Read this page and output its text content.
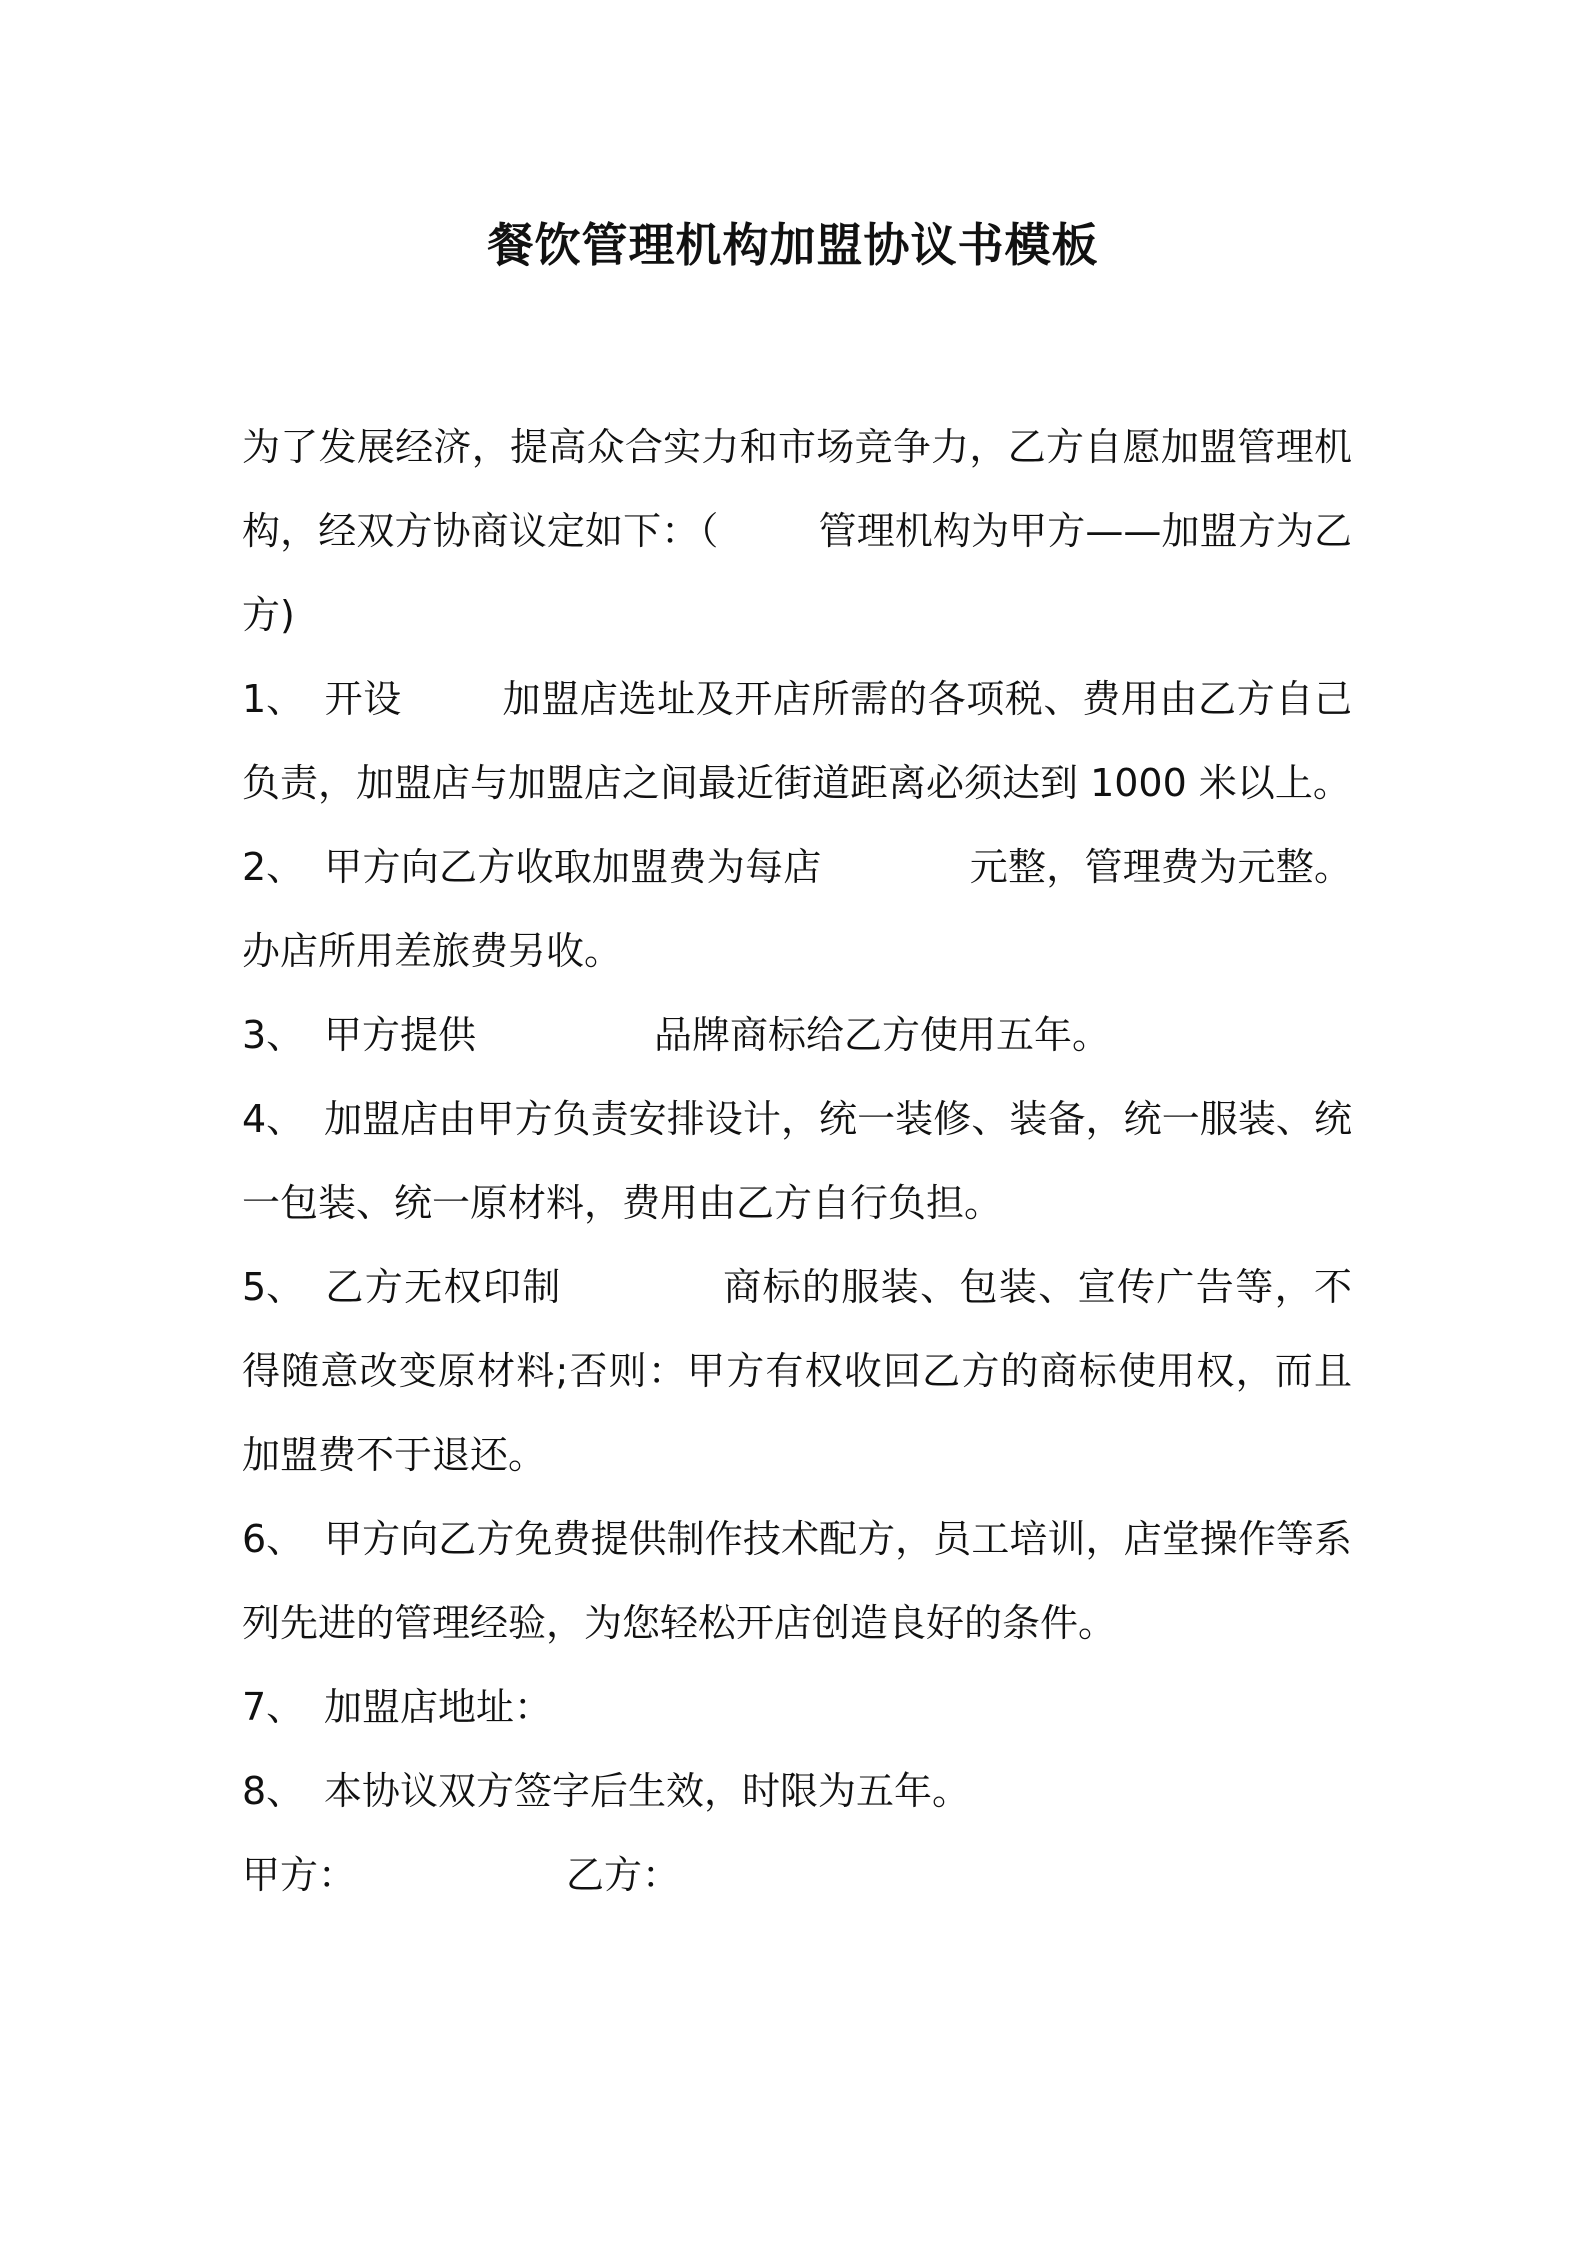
餐饮管理机构加盟协议书模板

为了发展经济，提高众合实力和市场竞争力，乙方自愿加盟管理机构，经双方协商议定如下：（	管理机构为甲方——加盟方为乙方)

1、 开设	加盟店选址及开店所需的各项税、费用由乙方自己负责，加盟店与加盟店之间最近街道距离必须达到 1000 米以上。

2、 甲方向乙方收取加盟费为每店	元整，管理费为元整。办店所用差旅费另收。

3、 甲方提供	品牌商标给乙方使用五年。

4、 加盟店由甲方负责安排设计，统一装修、装备，统一服装、统一包装、统一原材料，费用由乙方自行负担。

5、 乙方无权印制	商标的服装、包装、宣传广告等，不得随意改变原材料;否则：甲方有权收回乙方的商标使用权，而且加盟费不于退还。

6、 甲方向乙方免费提供制作技术配方，员工培训，店堂操作等系列先进的管理经验，为您轻松开店创造良好的条件。

7、 加盟店地址：

8、 本协议双方签字后生效，时限为五年。

甲方：	乙方：
